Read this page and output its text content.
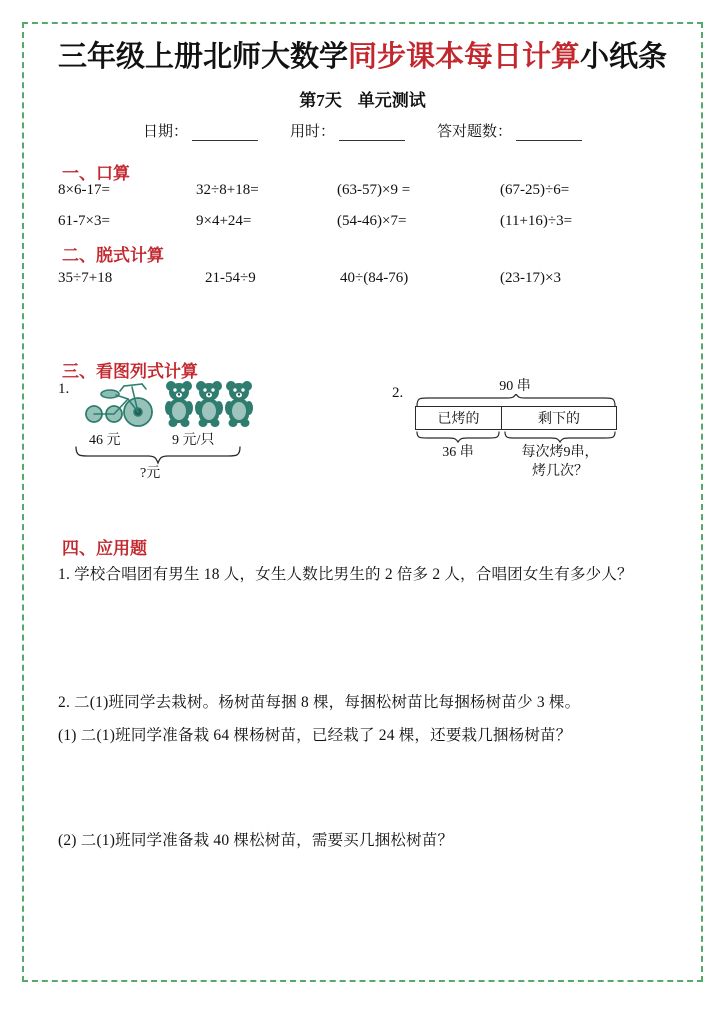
三年级上册北师大数学同步课本每日计算小纸条
第7天 单元测试
日期：	用时：	答对题数：
一、口算
8×6-17=	32÷8+18=	(63-57)×9 =	(67-25)÷6=
61-7×3=	9×4+24=	(54-46)×7=	(11+16)÷3=
二、脱式计算
35÷7+18	21-54÷9	40÷(84-76)	(23-17)×3
三、看图列式计算
1.
46 元	9 元/只
?元
2.	90 串
已烤的	剩下的
36 串	每次烤9串，
烤几次？
四、应用题
1. 学校合唱团有男生 18 人，女生人数比男生的 2 倍多 2 人，合唱团女生有多少人？
2. 二(1)班同学去栽树。杨树苗每捆 8 棵，每捆松树苗比每捆杨树苗少 3 棵。
(1) 二(1)班同学准备栽 64 棵杨树苗，已经栽了 24 棵，还要栽几捆杨树苗？
(2) 二(1)班同学准备栽 40 棵松树苗，需要买几捆松树苗？
